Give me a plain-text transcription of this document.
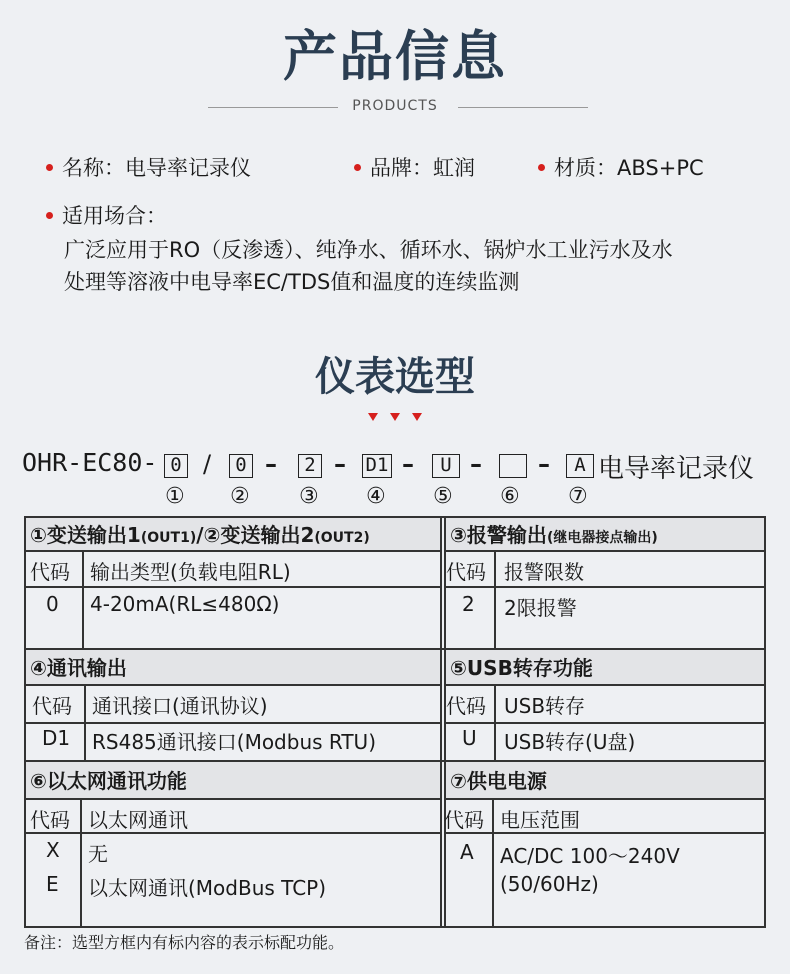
产品信息
PRODUCTS
名称：电导率记录仪	品牌：虹润	材质：ABS+PC
适用场合：
广泛应用于RO（反渗透）、纯净水、循环水、锅炉水工业污水及水
处理等溶液中电导率EC/TDS值和温度的连续监测
仪表选型
OHR-EC80- 0 /	0 –	2 – D1 –	U – –	A 电导率记录仪
① ② ③ ④ ⑤ ⑥ ⑦
①变送输出1(OUT1)/②变送输出2(OUT2)	③报警输出(继电器接点输出)
代码 输出类型(负载电阻RL)
0 4-20mA(RL≤480Ω)
代码 报警限数
2 2限报警
④通讯输出	⑤USB转存功能
代码 通讯接口(通讯协议)
D1 RS485通讯接口(Modbus RTU)
代码 USB转存
U USB转存(U盘)
⑥以太网通讯功能	⑦供电电源
代码 以太网通讯
X 无
E 以太网通讯(ModBus TCP)
代码 电压范围
A AC/DC 100～240V
(50/60Hz)
备注：选型方框内有标内容的表示标配功能。
